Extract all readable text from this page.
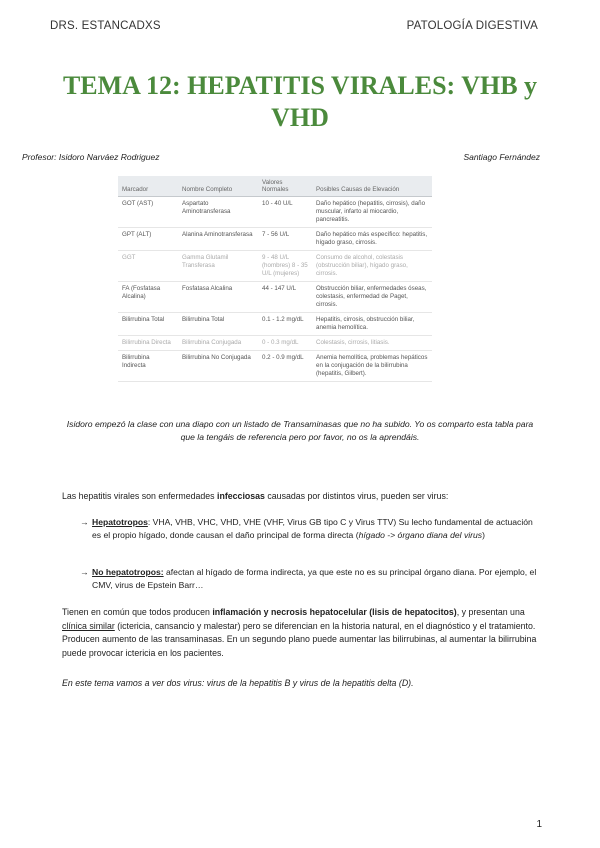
DRS. ESTANCADXS	PATOLOGÍA DIGESTIVA
TEMA 12: HEPATITIS VIRALES: VHB y VHD
Profesor: Isidoro Narváez Rodriguez	Santiago Fernández
Marcador	Nombre Completo	Valores Normales	Posibles Causas de Elevación
GOT (AST)	Aspartato Aminotransferasa	10 - 40 U/L	Daño hepático (hepatitis, cirrosis), daño muscular, infarto al miocardio, pancreatitis.
GPT (ALT)	Alanina Aminotransferasa	7 - 56 U/L	Daño hepático más específico: hepatitis, hígado graso, cirrosis.
GGT	Gamma Glutamil Transferasa	9 - 48 U/L (hombres) 8 - 35 U/L (mujeres)	Consumo de alcohol, colestasis (obstrucción biliar), hígado graso, cirrosis.
FA (Fosfatasa Alcalina)	Fosfatasa Alcalina	44 - 147 U/L	Obstrucción biliar, enfermedades óseas, colestasis, enfermedad de Paget, cirrosis.
Bilirrubina Total	Bilirrubina Total	0.1 - 1.2 mg/dL	Hepatitis, cirrosis, obstrucción biliar, anemia hemolítica.
Bilirrubina Directa	Bilirrubina Conjugada	0 - 0.3 mg/dL	Colestasis, cirrosis, litiasis.
Bilirrubina Indirecta	Bilirrubina No Conjugada	0.2 - 0.9 mg/dL	Anemia hemolítica, problemas hepáticos en la conjugación de la bilirrubina (hepatitis, Gilbert).
Isidoro empezó la clase con una diapo con un listado de Transaminasas que no ha subido. Yo os comparto esta tabla para que la tengáis de referencia pero por favor, no os la aprendáis.
Las hepatitis virales son enfermedades infecciosas causadas por distintos virus, pueden ser virus:
→ Hepatotropos: VHA, VHB, VHC, VHD, VHE (VHF, Virus GB tipo C y Virus TTV) Su lecho fundamental de actuación es el propio hígado, donde causan el daño principal de forma directa (hígado -> órgano diana del virus)
→ No hepatotropos: afectan al hígado de forma indirecta, ya que este no es su principal órgano diana. Por ejemplo, el CMV, virus de Epstein Barr…
Tienen en común que todos producen inflamación y necrosis hepatocelular (lisis de hepatocitos), y presentan una clínica similar (ictericia, cansancio y malestar) pero se diferencian en la historia natural, en el diagnóstico y el tratamiento. Producen aumento de las transaminasas. En un segundo plano puede aumentar las bilirrubinas, al aumentar la bilirrubina puede provocar ictericia en los pacientes.
En este tema vamos a ver dos virus: virus de la hepatitis B y virus de la hepatitis delta (D).
1
